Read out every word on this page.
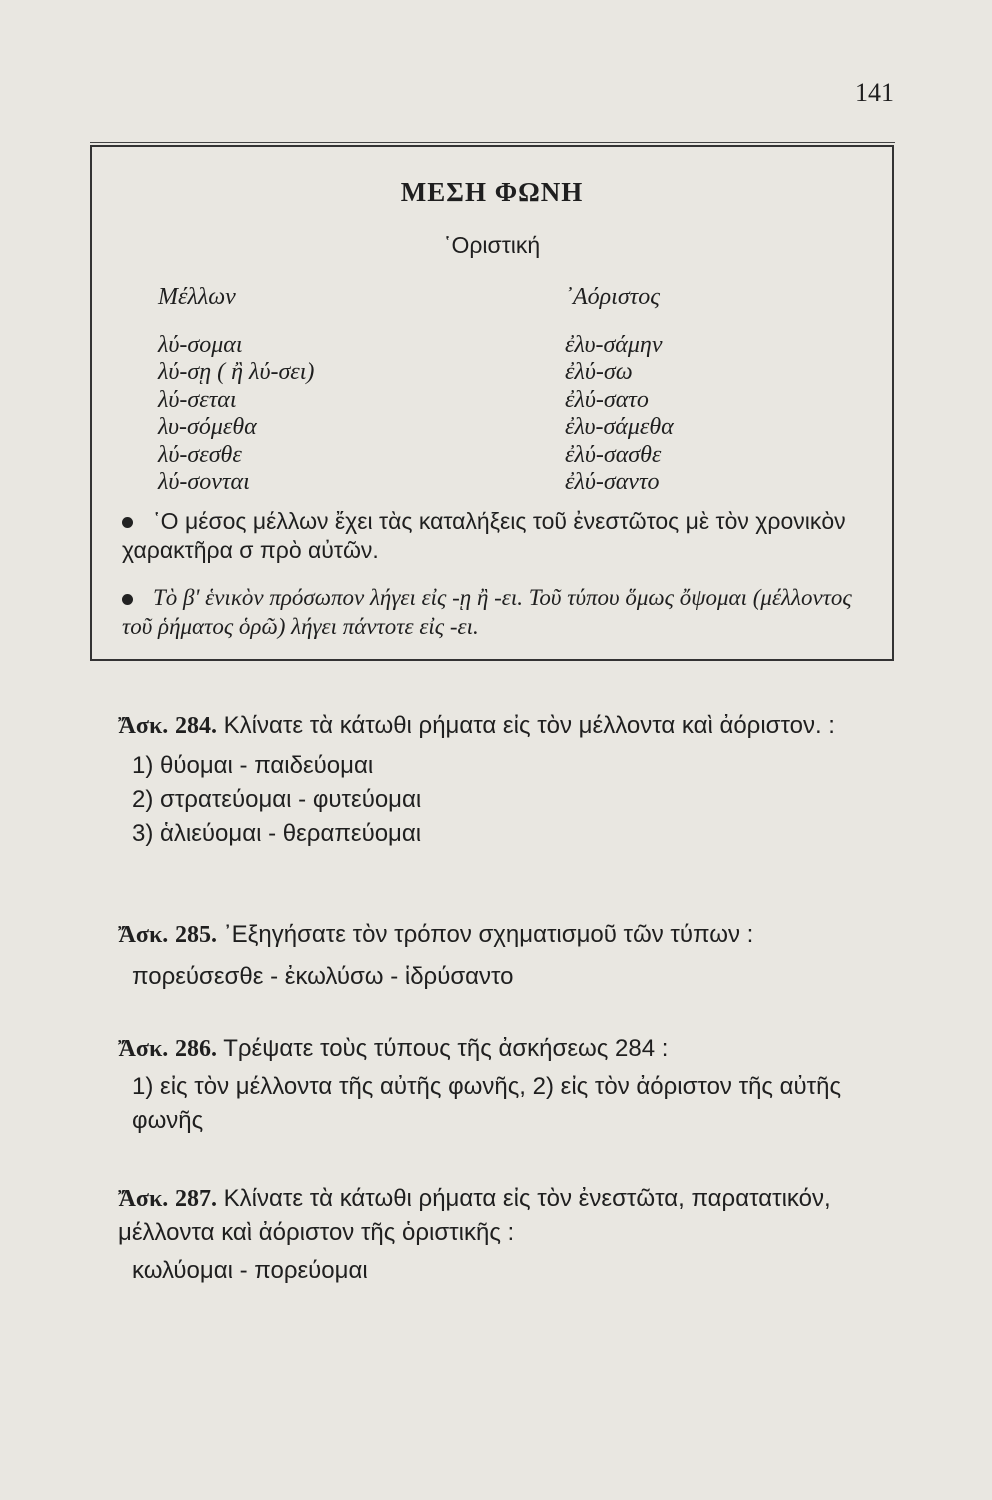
141
ΜΕΣΗ ΦΩΝΗ
῾Οριστική
Μέλλων
λύ-σομαι
λύ-σῃ ( ἢ λύ-σει)
λύ-σεται
λυ-σόμεθα
λύ-σεσθε
λύ-σονται
᾿Αόριστος
ἐλυ-σάμην
ἐλύ-σω
ἐλύ-σατο
ἐλυ-σάμεθα
ἐλύ-σασθε
ἐλύ-σαντο
῾Ο μέσος μέλλων ἔχει τὰς καταλήξεις τοῦ ἐνεστῶτος μὲ τὸν χρονικὸν χαρακτῆρα σ πρὸ αὐτῶν.
Τὸ β' ἑνικὸν πρόσωπον λήγει εἰς -ῃ ἢ -ει. Τοῦ τύπου ὅμως ὄψομαι (μέλλοντος τοῦ ῥήματος ὁρῶ) λήγει πάντοτε εἰς -ει.
Ἄσκ. 284. Κλίνατε τὰ κάτωθι ρήματα εἰς τὸν μέλλοντα καὶ ἀόριστον. :
1) θύομαι - παιδεύομαι
2) στρατεύομαι - φυτεύομαι
3) ἁλιεύομαι - θεραπεύομαι
Ἄσκ. 285. ᾿Εξηγήσατε τὸν τρόπον σχηματισμοῦ τῶν τύπων :
πορεύσεσθε - ἐκωλύσω - ἱδρύσαντο
Ἄσκ. 286. Τρέψατε τοὺς τύπους τῆς ἀσκήσεως 284 :
1) εἰς τὸν μέλλοντα τῆς αὐτῆς φωνῆς, 2) εἰς τὸν ἀόριστον τῆς αὐτῆς φωνῆς
Ἄσκ. 287. Κλίνατε τὰ κάτωθι ρήματα εἰς τὸν ἐνεστῶτα, παρατατικόν, μέλλοντα καὶ ἀόριστον τῆς ὁριστικῆς :
κωλύομαι - πορεύομαι
